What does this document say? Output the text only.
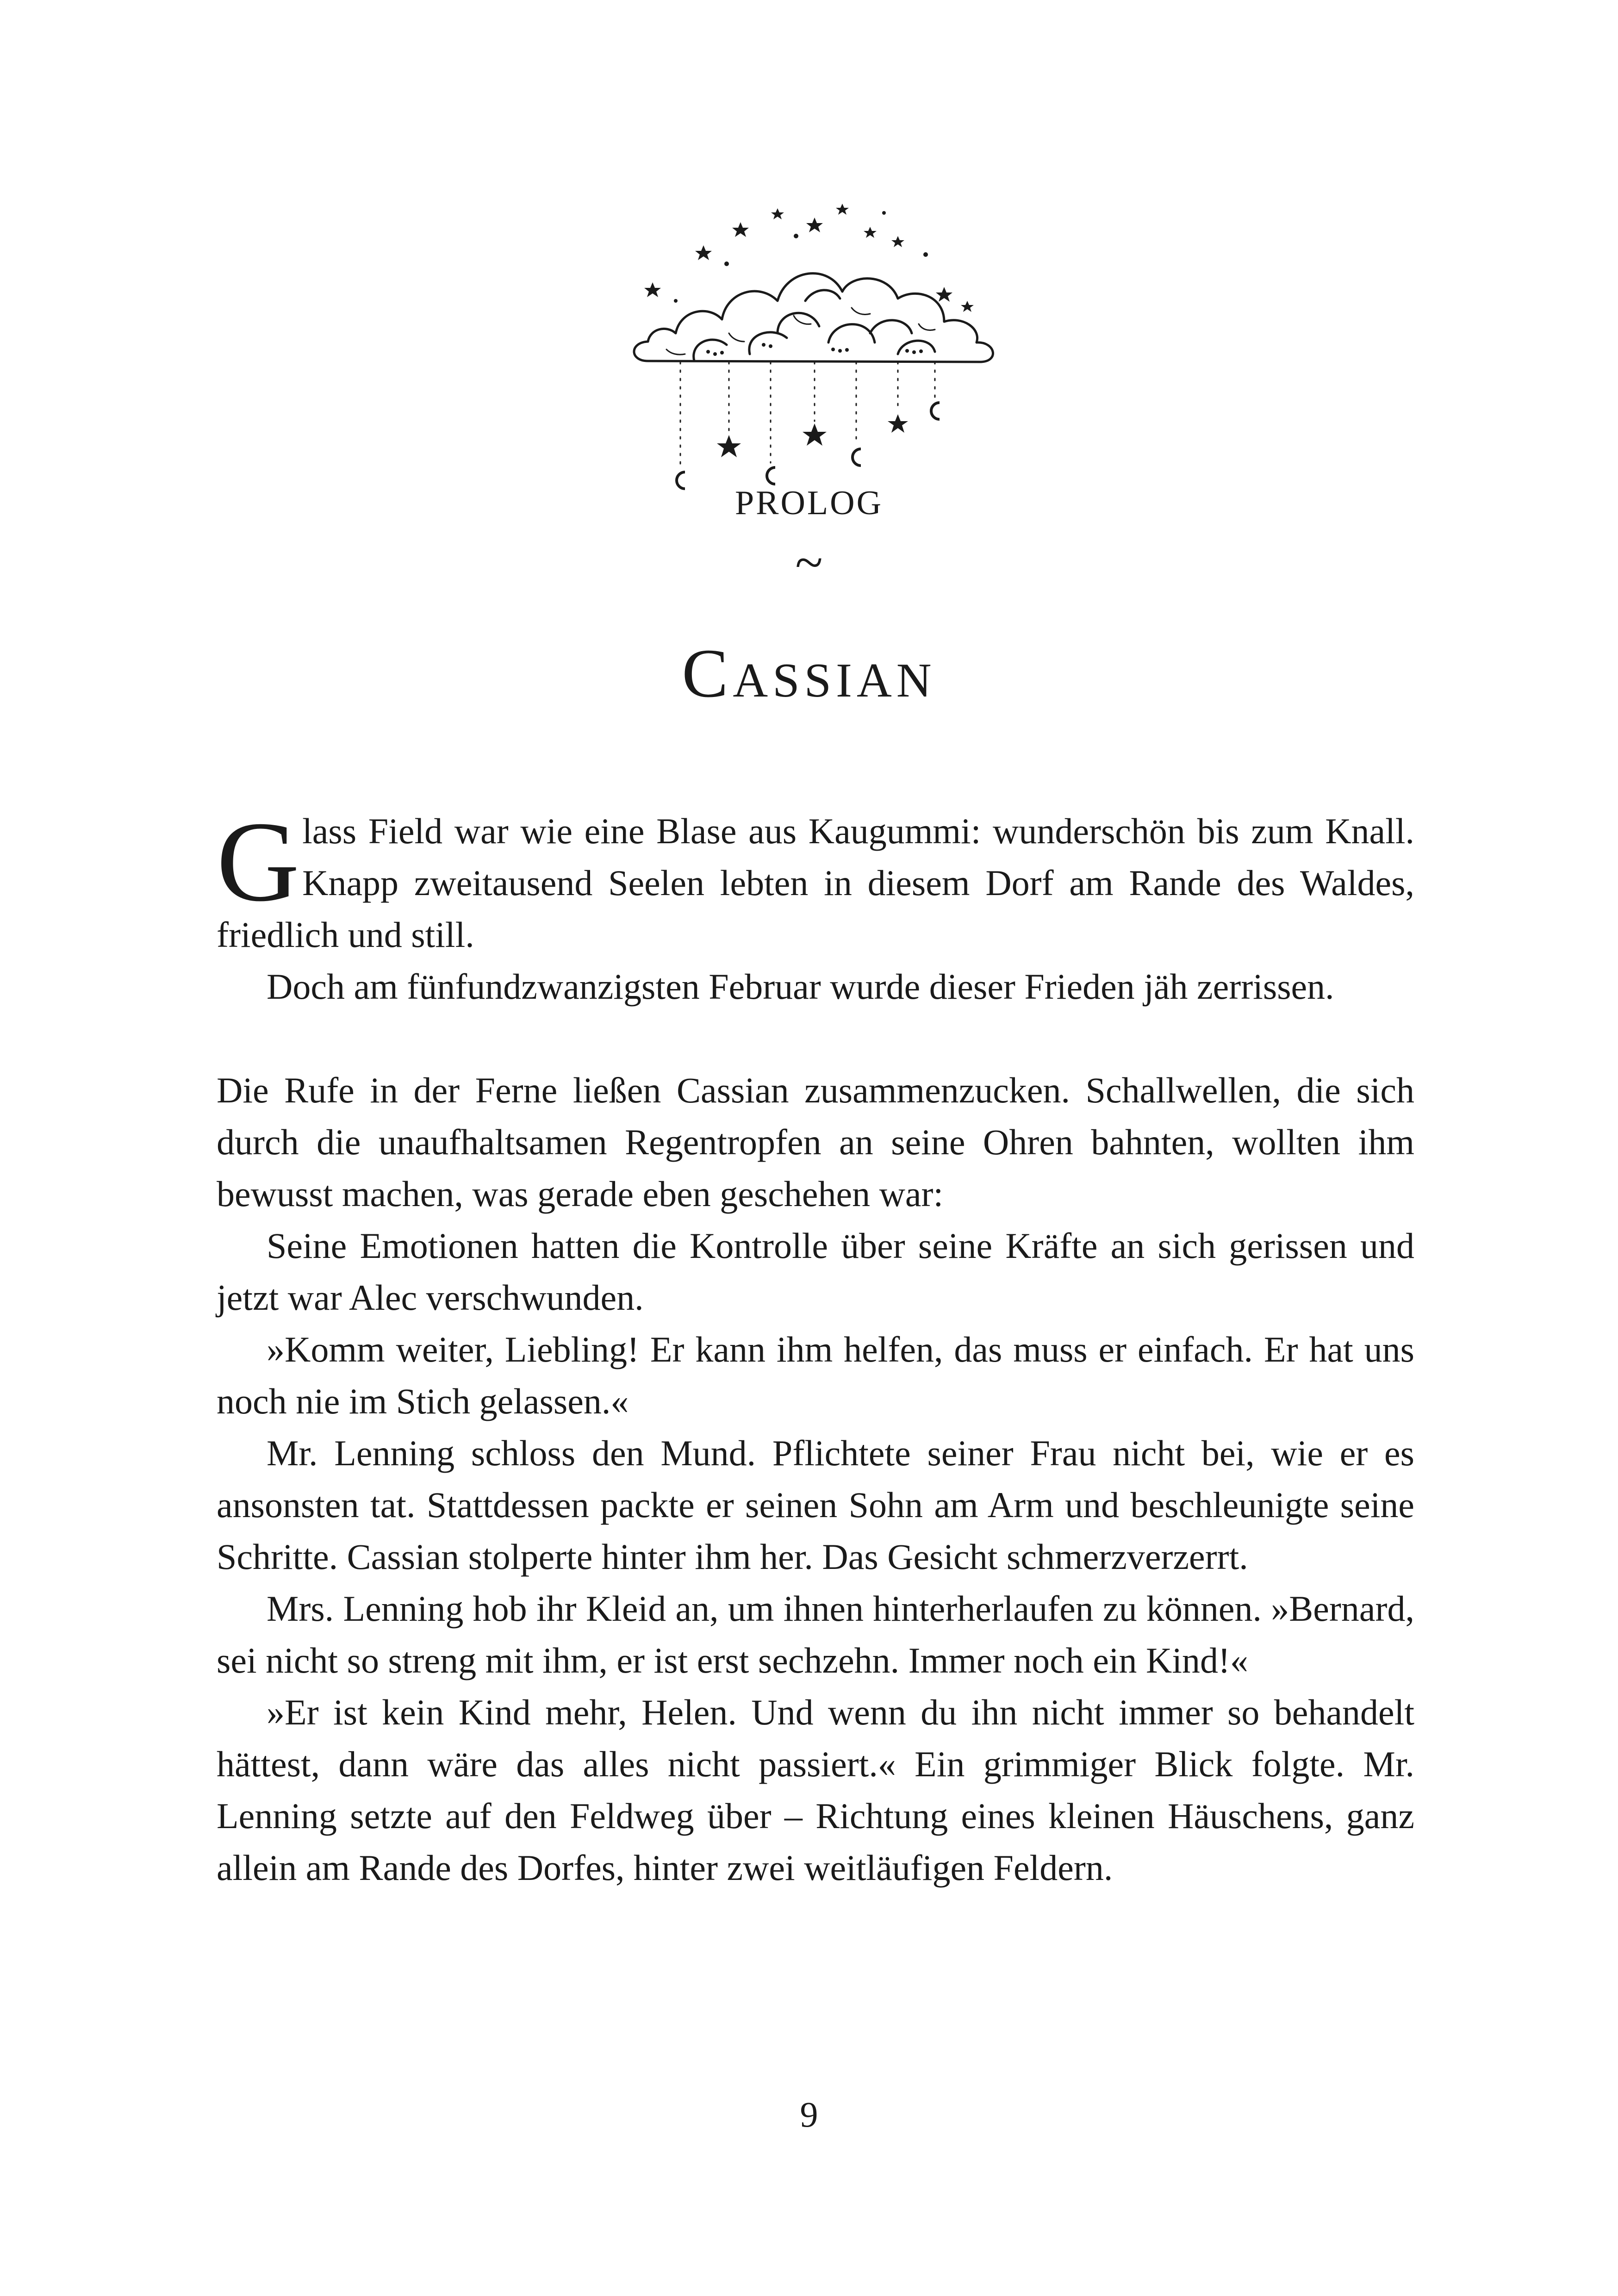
PROLOG
~
Cassian

Glass Field war wie eine Blase aus Kaugummi: wunderschön bis zum Knall. Knapp zweitausend Seelen lebten in diesem Dorf am Rande des Waldes, friedlich und still.

Doch am fünfundzwanzigsten Februar wurde dieser Frieden jäh zerrissen.

Die Rufe in der Ferne ließen Cassian zusammenzucken. Schallwellen, die sich durch die unaufhaltsamen Regentropfen an seine Ohren bahnten, wollten ihm bewusst machen, was gerade eben geschehen war:

Seine Emotionen hatten die Kontrolle über seine Kräfte an sich gerissen und jetzt war Alec verschwunden.

»Komm weiter, Liebling! Er kann ihm helfen, das muss er einfach. Er hat uns noch nie im Stich gelassen.«

Mr. Lenning schloss den Mund. Pflichtete seiner Frau nicht bei, wie er es ansonsten tat. Stattdessen packte er seinen Sohn am Arm und beschleunigte seine Schritte. Cassian stolperte hinter ihm her. Das Gesicht schmerzverzerrt.

Mrs. Lenning hob ihr Kleid an, um ihnen hinterherlaufen zu können. »Bernard, sei nicht so streng mit ihm, er ist erst sechzehn. Immer noch ein Kind!«

»Er ist kein Kind mehr, Helen. Und wenn du ihn nicht immer so behandelt hättest, dann wäre das alles nicht passiert.« Ein grimmiger Blick folgte. Mr. Lenning setzte auf den Feldweg über – Richtung eines kleinen Häuschens, ganz allein am Rande des Dorfes, hinter zwei weitläufigen Feldern.

9
